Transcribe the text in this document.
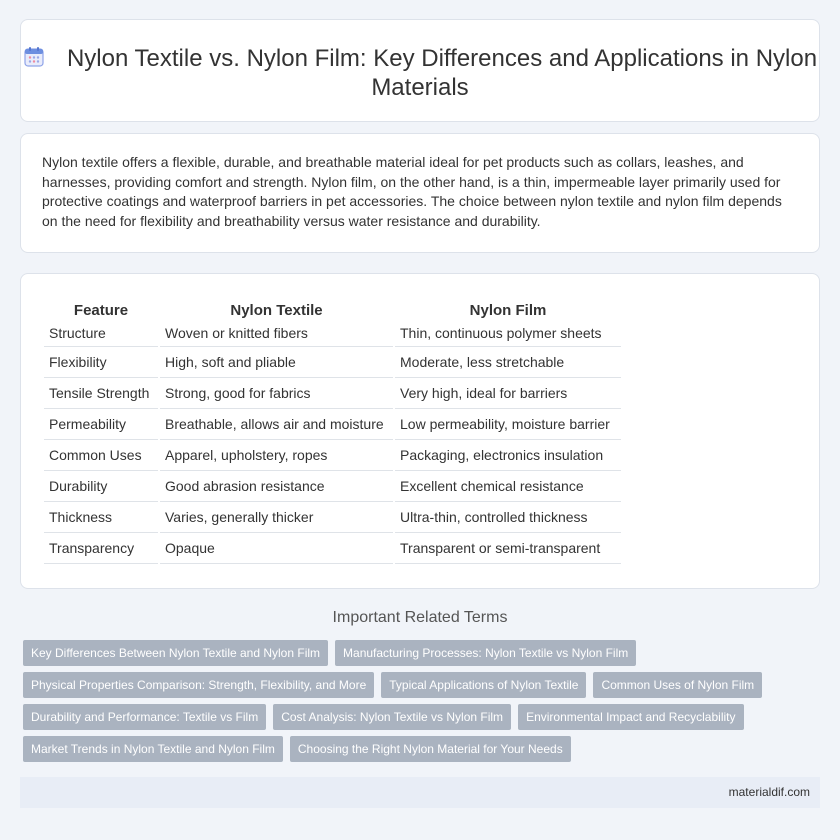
Nylon Textile vs. Nylon Film: Key Differences and Applications in Nylon Materials

Nylon textile offers a flexible, durable, and breathable material ideal for pet products such as collars, leashes, and harnesses, providing comfort and strength. Nylon film, on the other hand, is a thin, impermeable layer primarily used for protective coatings and waterproof barriers in pet accessories. The choice between nylon textile and nylon film depends on the need for flexibility and breathability versus water resistance and durability.

Feature	Nylon Textile	Nylon Film
Structure	Woven or knitted fibers	Thin, continuous polymer sheets
Flexibility	High, soft and pliable	Moderate, less stretchable
Tensile Strength	Strong, good for fabrics	Very high, ideal for barriers
Permeability	Breathable, allows air and moisture	Low permeability, moisture barrier
Common Uses	Apparel, upholstery, ropes	Packaging, electronics insulation
Durability	Good abrasion resistance	Excellent chemical resistance
Thickness	Varies, generally thicker	Ultra-thin, controlled thickness
Transparency	Opaque	Transparent or semi-transparent
Important Related Terms
Key Differences Between Nylon Textile and Nylon Film	Manufacturing Processes: Nylon Textile vs Nylon Film
Physical Properties Comparison: Strength, Flexibility, and More	Typical Applications of Nylon Textile	Common Uses of Nylon Film
Durability and Performance: Textile vs Film	Cost Analysis: Nylon Textile vs Nylon Film	Environmental Impact and Recyclability
Market Trends in Nylon Textile and Nylon Film	Choosing the Right Nylon Material for Your Needs
materialdif.com
